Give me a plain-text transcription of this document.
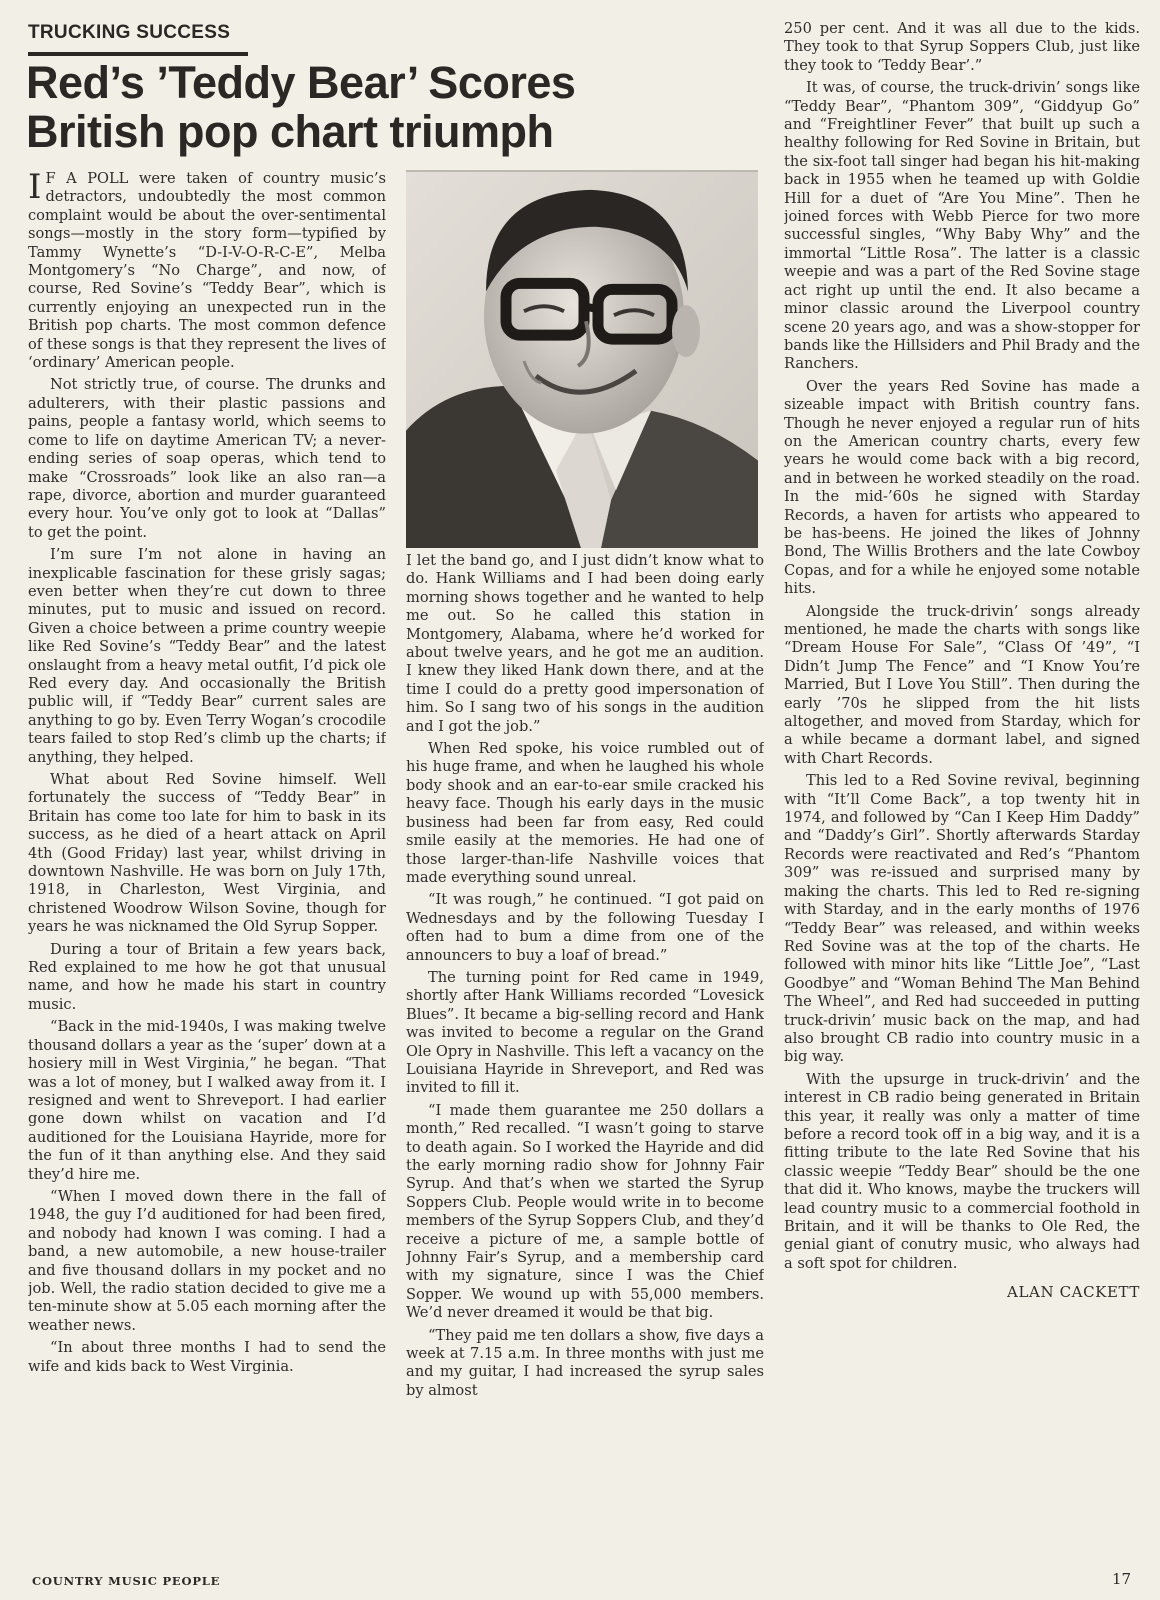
TRUCKING SUCCESS
Red’s ’Teddy Bear’ Scores
British pop chart triumph

I F A POLL were taken of country music’s detractors, undoubtedly the most common complaint would be about the over-sentimental songs—mostly in the story form—typified by Tammy Wynette’s “D-I-V-O-R-C-E”, Melba Montgomery’s “No Charge”, and now, of course, Red Sovine’s “Teddy Bear”, which is currently enjoying an unexpected run in the British pop charts. The most common defence of these songs is that they represent the lives of ‘ordinary’ American people.

Not strictly true, of course. The drunks and adulterers, with their plastic passions and pains, people a fantasy world, which seems to come to life on daytime American TV; a never-ending series of soap operas, which tend to make “Crossroads” look like an also ran—a rape, divorce, abortion and murder guaranteed every hour. You’ve only got to look at “Dallas” to get the point.

I’m sure I’m not alone in having an inexplicable fascination for these grisly sagas; even better when they’re cut down to three minutes, put to music and issued on record. Given a choice between a prime country weepie like Red Sovine’s “Teddy Bear” and the latest onslaught from a heavy metal outfit, I’d pick ole Red every day. And occasionally the British public will, if “Teddy Bear” current sales are anything to go by. Even Terry Wogan’s crocodile tears failed to stop Red’s climb up the charts; if anything, they helped.

What about Red Sovine himself. Well fortunately the success of “Teddy Bear” in Britain has come too late for him to bask in its success, as he died of a heart attack on April 4th (Good Friday) last year, whilst driving in downtown Nashville. He was born on July 17th, 1918, in Charleston, West Virginia, and christened Woodrow Wilson Sovine, though for years he was nicknamed the Old Syrup Sopper.

During a tour of Britain a few years back, Red explained to me how he got that unusual name, and how he made his start in country music.

“Back in the mid-1940s, I was making twelve thousand dollars a year as the ‘super’ down at a hosiery mill in West Virginia,” he began. “That was a lot of money, but I walked away from it. I resigned and went to Shreveport. I had earlier gone down whilst on vacation and I’d auditioned for the Louisiana Hayride, more for the fun of it than anything else. And they said they’d hire me.

“When I moved down there in the fall of 1948, the guy I’d auditioned for had been fired, and nobody had known I was coming. I had a band, a new automobile, a new house-trailer and five thousand dollars in my pocket and no job. Well, the radio station decided to give me a ten-minute show at 5.05 each morning after the weather news.

“In about three months I had to send the wife and kids back to West Virginia.

I let the band go, and I just didn’t know what to do. Hank Williams and I had been doing early morning shows together and he wanted to help me out. So he called this station in Montgomery, Alabama, where he’d worked for about twelve years, and he got me an audition. I knew they liked Hank down there, and at the time I could do a pretty good impersonation of him. So I sang two of his songs in the audition and I got the job.”

When Red spoke, his voice rumbled out of his huge frame, and when he laughed his whole body shook and an ear-to-ear smile cracked his heavy face. Though his early days in the music business had been far from easy, Red could smile easily at the memories. He had one of those larger-than-life Nashville voices that made everything sound unreal.

“It was rough,” he continued. “I got paid on Wednesdays and by the following Tuesday I often had to bum a dime from one of the announcers to buy a loaf of bread.”

The turning point for Red came in 1949, shortly after Hank Williams recorded “Lovesick Blues”. It became a big-selling record and Hank was invited to become a regular on the Grand Ole Opry in Nashville. This left a vacancy on the Louisiana Hayride in Shreveport, and Red was invited to fill it.

“I made them guarantee me 250 dollars a month,” Red recalled. “I wasn’t going to starve to death again. So I worked the Hayride and did the early morning radio show for Johnny Fair Syrup. And that’s when we started the Syrup Soppers Club. People would write in to become members of the Syrup Soppers Club, and they’d receive a picture of me, a sample bottle of Johnny Fair’s Syrup, and a membership card with my signature, since I was the Chief Sopper. We wound up with 55,000 members. We’d never dreamed it would be that big.

“They paid me ten dollars a show, five days a week at 7.15 a.m. In three months with just me and my guitar, I had increased the syrup sales by almost

250 per cent. And it was all due to the kids. They took to that Syrup Soppers Club, just like they took to ‘Teddy Bear’.”

It was, of course, the truck-drivin’ songs like “Teddy Bear”, “Phantom 309”, “Giddyup Go” and “Freightliner Fever” that built up such a healthy following for Red Sovine in Britain, but the six-foot tall singer had began his hit-making back in 1955 when he teamed up with Goldie Hill for a duet of “Are You Mine”. Then he joined forces with Webb Pierce for two more successful singles, “Why Baby Why” and the immortal “Little Rosa”. The latter is a classic weepie and was a part of the Red Sovine stage act right up until the end. It also became a minor classic around the Liverpool country scene 20 years ago, and was a show-stopper for bands like the Hillsiders and Phil Brady and the Ranchers.

Over the years Red Sovine has made a sizeable impact with British country fans. Though he never enjoyed a regular run of hits on the American country charts, every few years he would come back with a big record, and in between he worked steadily on the road. In the mid-’60s he signed with Starday Records, a haven for artists who appeared to be has-beens. He joined the likes of Johnny Bond, The Willis Brothers and the late Cowboy Copas, and for a while he enjoyed some notable hits.

Alongside the truck-drivin’ songs already mentioned, he made the charts with songs like “Dream House For Sale”, “Class Of ’49”, “I Didn’t Jump The Fence” and “I Know You’re Married, But I Love You Still”. Then during the early ’70s he slipped from the hit lists altogether, and moved from Starday, which for a while became a dormant label, and signed with Chart Records.

This led to a Red Sovine revival, beginning with “It’ll Come Back”, a top twenty hit in 1974, and followed by “Can I Keep Him Daddy” and “Daddy’s Girl”. Shortly afterwards Starday Records were reactivated and Red’s “Phantom 309” was re-issued and surprised many by making the charts. This led to Red re-signing with Starday, and in the early months of 1976 “Teddy Bear” was released, and within weeks Red Sovine was at the top of the charts. He followed with minor hits like “Little Joe”, “Last Goodbye” and “Woman Behind The Man Behind The Wheel”, and Red had succeeded in putting truck-drivin’ music back on the map, and had also brought CB radio into country music in a big way.

With the upsurge in truck-drivin’ and the interest in CB radio being generated in Britain this year, it really was only a matter of time before a record took off in a big way, and it is a fitting tribute to the late Red Sovine that his classic weepie “Teddy Bear” should be the one that did it. Who knows, maybe the truckers will lead country music to a commercial foothold in Britain, and it will be thanks to Ole Red, the genial giant of conutry music, who always had a soft spot for children.

ALAN CACKETT

COUNTRY MUSIC PEOPLE	17
